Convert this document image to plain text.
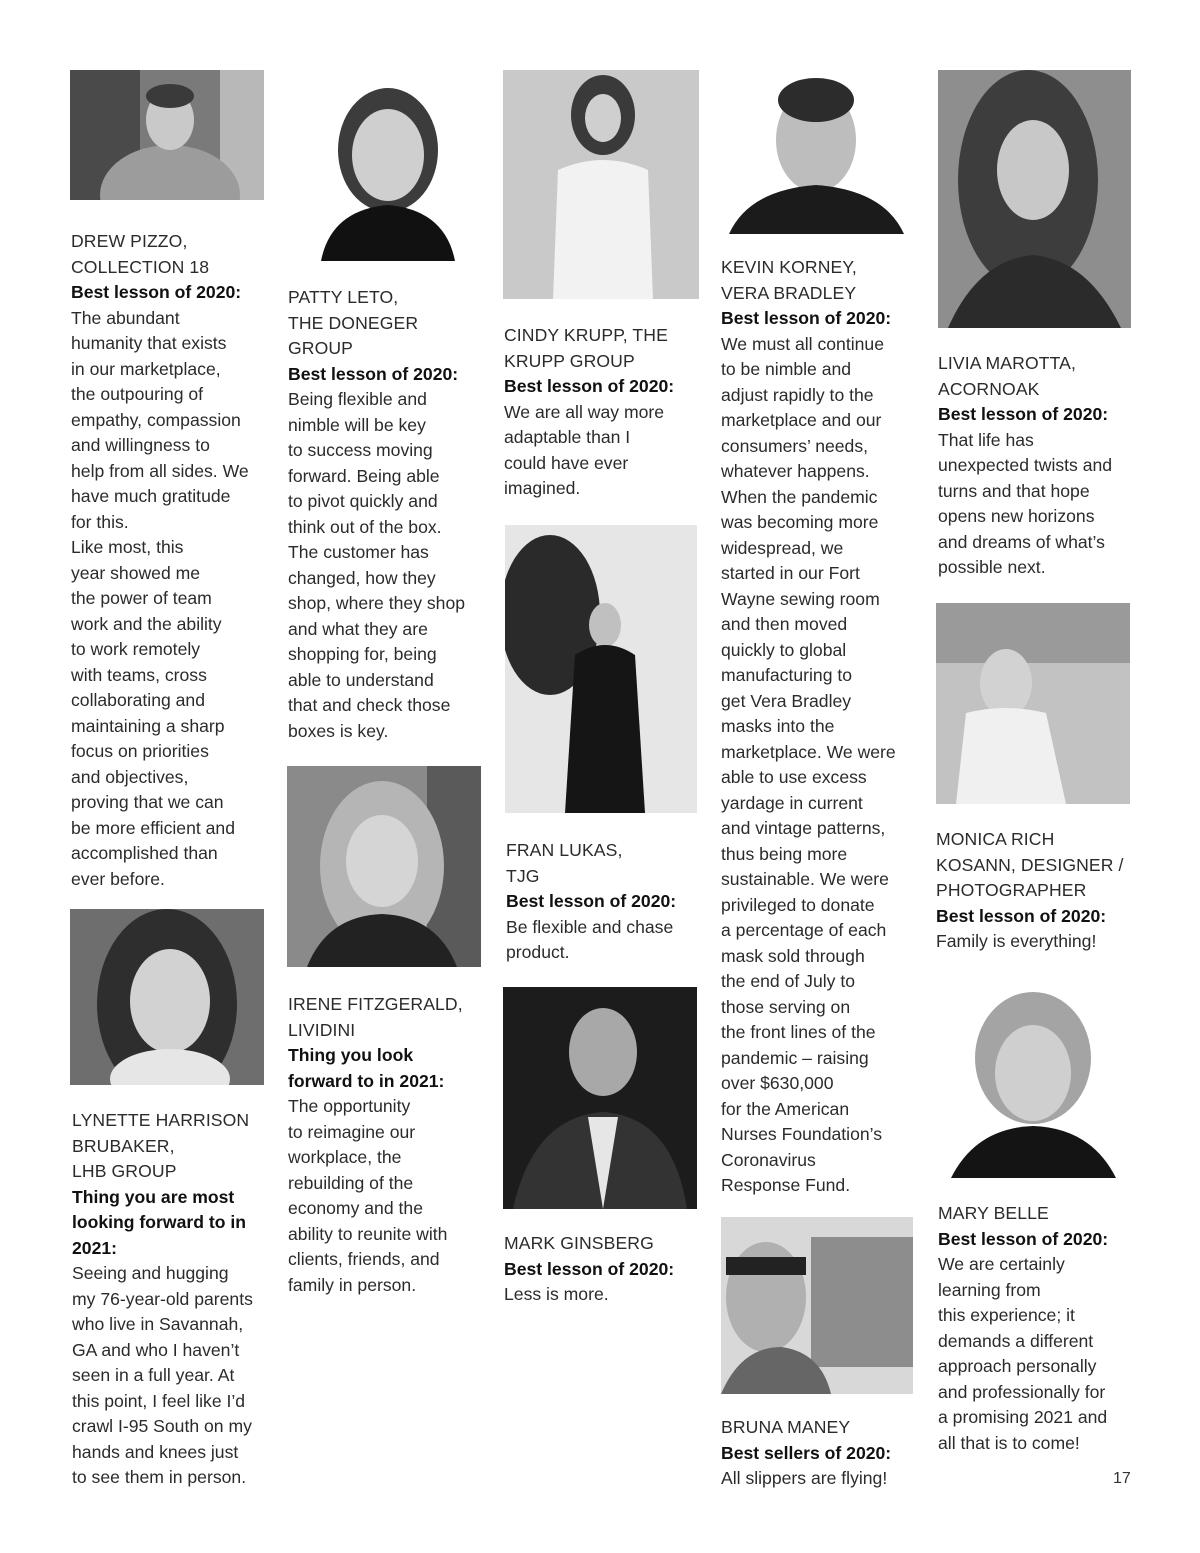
DREW PIZZO,
COLLECTION 18
Best lesson of 2020:
The abundant
humanity that exists
in our marketplace,
the outpouring of
empathy, compassion
and willingness to
help from all sides. We
have much gratitude
for this.
Like most, this
year showed me
the power of team
work and the ability
to work remotely
with teams, cross
collaborating and
maintaining a sharp
focus on priorities
and objectives,
proving that we can
be more efficient and
accomplished than
ever before.
LYNETTE HARRISON
BRUBAKER,
LHB GROUP
Thing you are most
looking forward to in
2021:
Seeing and hugging
my 76-year-old parents
who live in Savannah,
GA and who I haven’t
seen in a full year. At
this point, I feel like I’d
crawl I-95 South on my
hands and knees just
to see them in person.
PATTY LETO,
THE DONEGER
GROUP
Best lesson of 2020:
Being flexible and
nimble will be key
to success moving
forward. Being able
to pivot quickly and
think out of the box.
The customer has
changed, how they
shop, where they shop
and what they are
shopping for, being
able to understand
that and check those
boxes is key.
IRENE FITZGERALD,
LIVIDINI
Thing you look
forward to in 2021:
The opportunity
to reimagine our
workplace, the
rebuilding of the
economy and the
ability to reunite with
clients, friends, and
family in person.
CINDY KRUPP, THE
KRUPP GROUP
Best lesson of 2020:
We are all way more
adaptable than I
could have ever
imagined.
FRAN LUKAS,
TJG
Best lesson of 2020:
Be flexible and chase
product.
MARK GINSBERG
Best lesson of 2020:
Less is more.
KEVIN KORNEY,
VERA BRADLEY
Best lesson of 2020:
We must all continue
to be nimble and
adjust rapidly to the
marketplace and our
consumers’ needs,
whatever happens.
When the pandemic
was becoming more
widespread, we
started in our Fort
Wayne sewing room
and then moved
quickly to global
manufacturing to
get Vera Bradley
masks into the
marketplace. We were
able to use excess
yardage in current
and vintage patterns,
thus being more
sustainable. We were
privileged to donate
a percentage of each
mask sold through
the end of July to
those serving on
the front lines of the
pandemic – raising
over $630,000
for the American
Nurses Foundation’s
Coronavirus
Response Fund.
BRUNA MANEY
Best sellers of 2020:
All slippers are flying!
LIVIA MAROTTA,
ACORNOAK
Best lesson of 2020:
That life has
unexpected twists and
turns and that hope
opens new horizons
and dreams of what’s
possible next.
MONICA RICH
KOSANN, DESIGNER /
PHOTOGRAPHER
Best lesson of 2020:
Family is everything!
MARY BELLE
Best lesson of 2020:
We are certainly
learning from
this experience; it
demands a different
approach personally
and professionally for
a promising 2021 and
all that is to come!
17
